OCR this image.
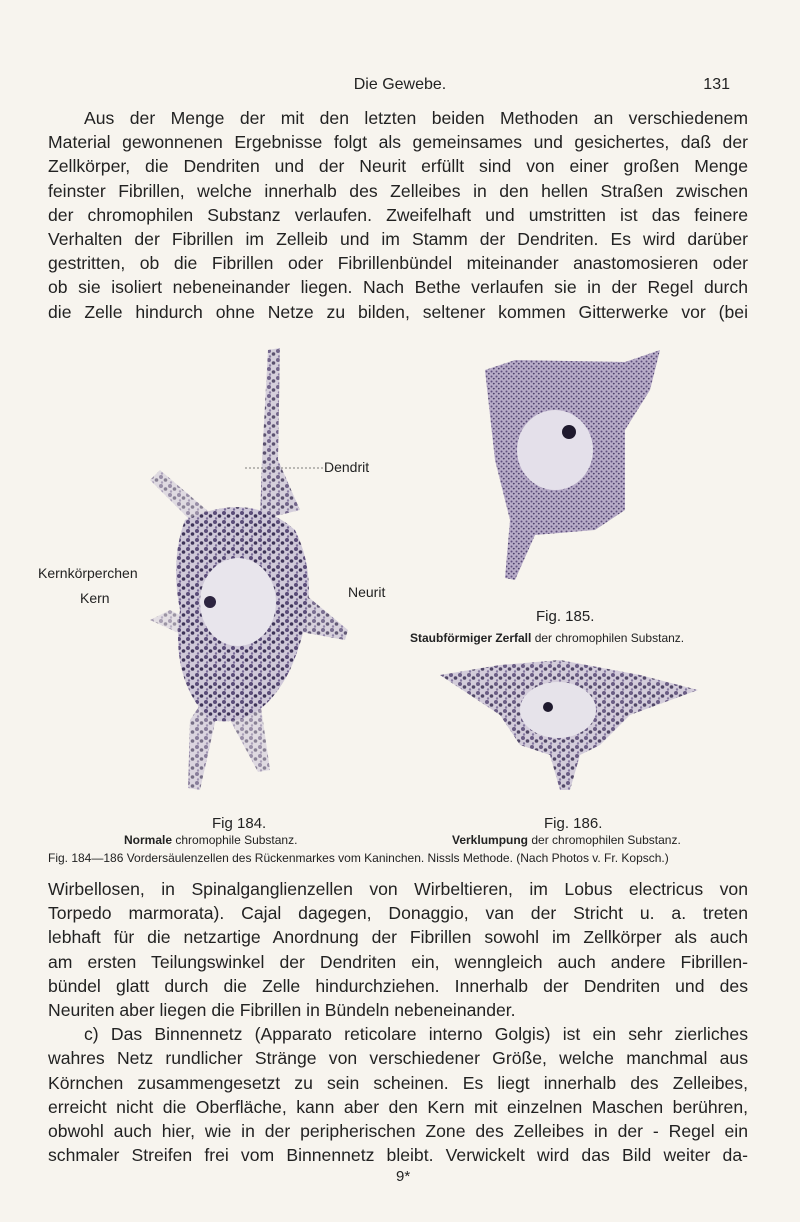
Die Gewebe.	131
Aus der Menge der mit den letzten beiden Methoden an verschiedenem
Material gewonnenen Ergebnisse folgt als gemeinsames und gesichertes, daß der
Zellkörper, die Dendriten und der Neurit erfüllt sind von einer großen Menge
feinster Fibrillen, welche innerhalb des Zelleibes in den hellen Straßen zwischen
der chromophilen Substanz verlaufen. Zweifelhaft und umstritten ist das feinere
Verhalten der Fibrillen im Zelleib und im Stamm der Dendriten. Es wird darüber
gestritten, ob die Fibrillen oder Fibrillenbündel miteinander anastomosieren oder
ob sie isoliert nebeneinander liegen. Nach Bethe verlaufen sie in der Regel durch
die Zelle hindurch ohne Netze zu bilden, seltener kommen Gitterwerke vor (bei
Dendrit
Kernkörperchen
Kern	Neurit
Fig. 185.
Staubförmiger Zerfall der chromophilen Substanz.
Fig 184.
Normale chromophile Substanz.
Fig. 186.
Verklumpung der chromophilen Substanz.
Fig. 184—186 Vordersäulenzellen des Rückenmarkes vom Kaninchen. Nissls Methode. (Nach Photos v. Fr. Kopsch.)
Wirbellosen, in Spinalganglienzellen von Wirbeltieren, im Lobus electricus von
Torpedo marmorata). Cajal dagegen, Donaggio, van der Stricht u. a. treten
lebhaft für die netzartige Anordnung der Fibrillen sowohl im Zellkörper als auch
am ersten Teilungswinkel der Dendriten ein, wenngleich auch andere Fibrillen-
bündel glatt durch die Zelle hindurchziehen. Innerhalb der Dendriten und des
Neuriten aber liegen die Fibrillen in Bündeln nebeneinander.
c) Das Binnennetz (Apparato reticolare interno Golgis) ist ein sehr zierliches
wahres Netz rundlicher Stränge von verschiedener Größe, welche manchmal aus
Körnchen zusammengesetzt zu sein scheinen. Es liegt innerhalb des Zelleibes,
erreicht nicht die Oberfläche, kann aber den Kern mit einzelnen Maschen berühren,
obwohl auch hier, wie in der peripherischen Zone des Zelleibes in der - Regel ein
schmaler Streifen frei vom Binnennetz bleibt. Verwickelt wird das Bild weiter da-
9*
